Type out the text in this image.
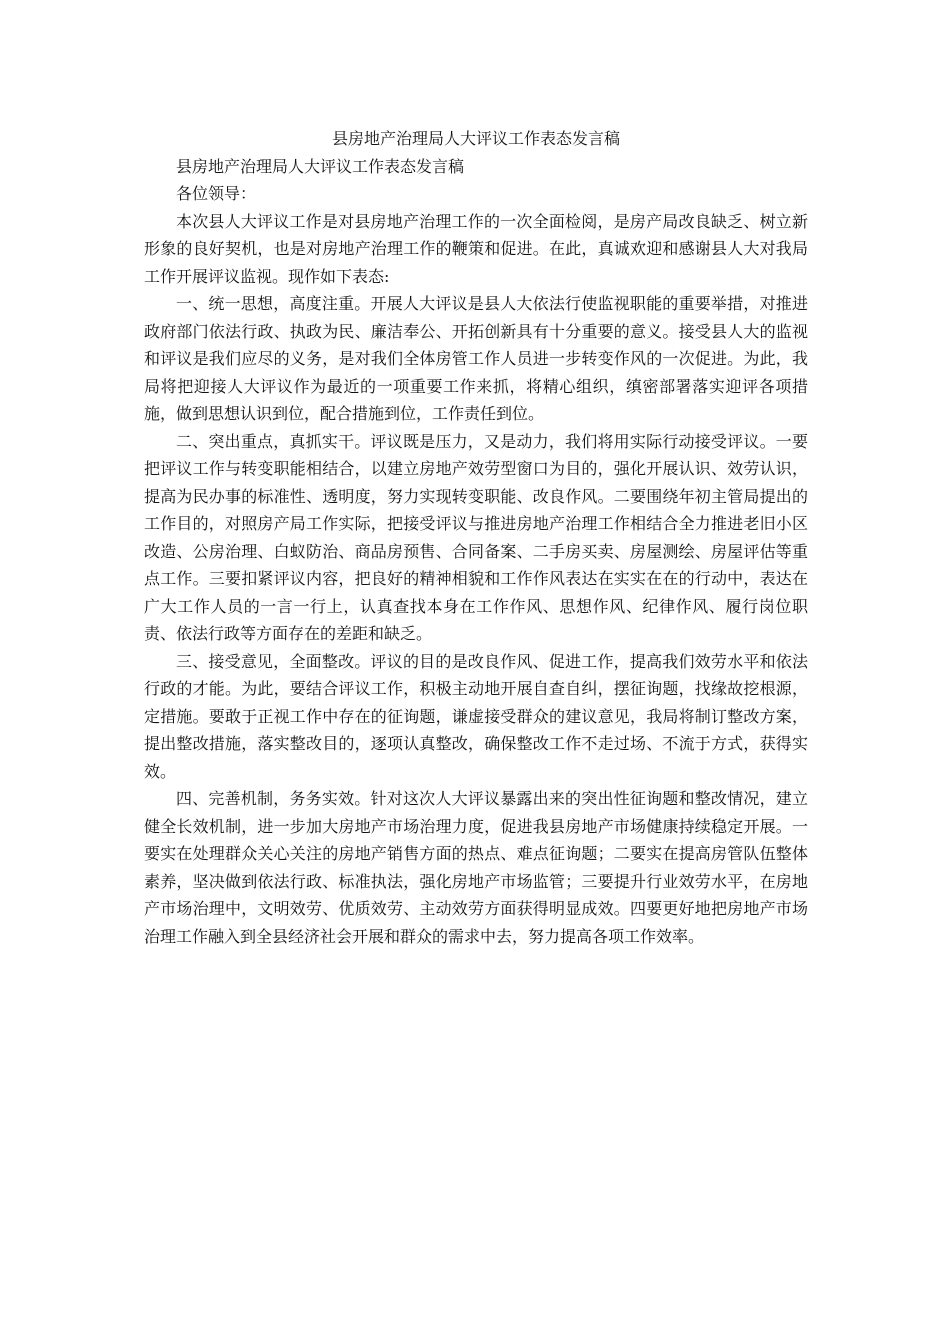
县房地产治理局人大评议工作表态发言稿

县房地产治理局人大评议工作表态发言稿

各位领导：

本次县人大评议工作是对县房地产治理工作的一次全面检阅，是房产局改良缺乏、树立新形象的良好契机，也是对房地产治理工作的鞭策和促进。在此，真诚欢迎和感谢县人大对我局工作开展评议监视。现作如下表态:

一、统一思想，高度注重。开展人大评议是县人大依法行使监视职能的重要举措，对推进政府部门依法行政、执政为民、廉洁奉公、开拓创新具有十分重要的意义。接受县人大的监视和评议是我们应尽的义务，是对我们全体房管工作人员进一步转变作风的一次促进。为此，我局将把迎接人大评议作为最近的一项重要工作来抓，将精心组织，缜密部署落实迎评各项措施，做到思想认识到位，配合措施到位，工作责任到位。

二、突出重点，真抓实干。评议既是压力，又是动力，我们将用实际行动接受评议。一要把评议工作与转变职能相结合，以建立房地产效劳型窗口为目的，强化开展认识、效劳认识，提高为民办事的标准性、透明度，努力实现转变职能、改良作风。二要围绕年初主管局提出的工作目的，对照房产局工作实际，把接受评议与推进房地产治理工作相结合全力推进老旧小区改造、公房治理、白蚁防治、商品房预售、合同备案、二手房买卖、房屋测绘、房屋评估等重点工作。三要扣紧评议内容，把良好的精神相貌和工作作风表达在实实在在的行动中，表达在广大工作人员的一言一行上，认真查找本身在工作作风、思想作风、纪律作风、履行岗位职责、依法行政等方面存在的差距和缺乏。

三、接受意见，全面整改。评议的目的是改良作风、促进工作，提高我们效劳水平和依法行政的才能。为此，要结合评议工作，积极主动地开展自查自纠，摆征询题，找缘故挖根源，定措施。要敢于正视工作中存在的征询题，谦虚接受群众的建议意见，我局将制订整改方案，提出整改措施，落实整改目的，逐项认真整改，确保整改工作不走过场、不流于方式，获得实效。

四、完善机制，务务实效。针对这次人大评议暴露出来的突出性征询题和整改情况，建立健全长效机制，进一步加大房地产市场治理力度，促进我县房地产市场健康持续稳定开展。一要实在处理群众关心关注的房地产销售方面的热点、难点征询题；二要实在提高房管队伍整体素养，坚决做到依法行政、标准执法，强化房地产市场监管；三要提升行业效劳水平，在房地产市场治理中，文明效劳、优质效劳、主动效劳方面获得明显成效。四要更好地把房地产市场治理工作融入到全县经济社会开展和群众的需求中去，努力提高各项工作效率。
